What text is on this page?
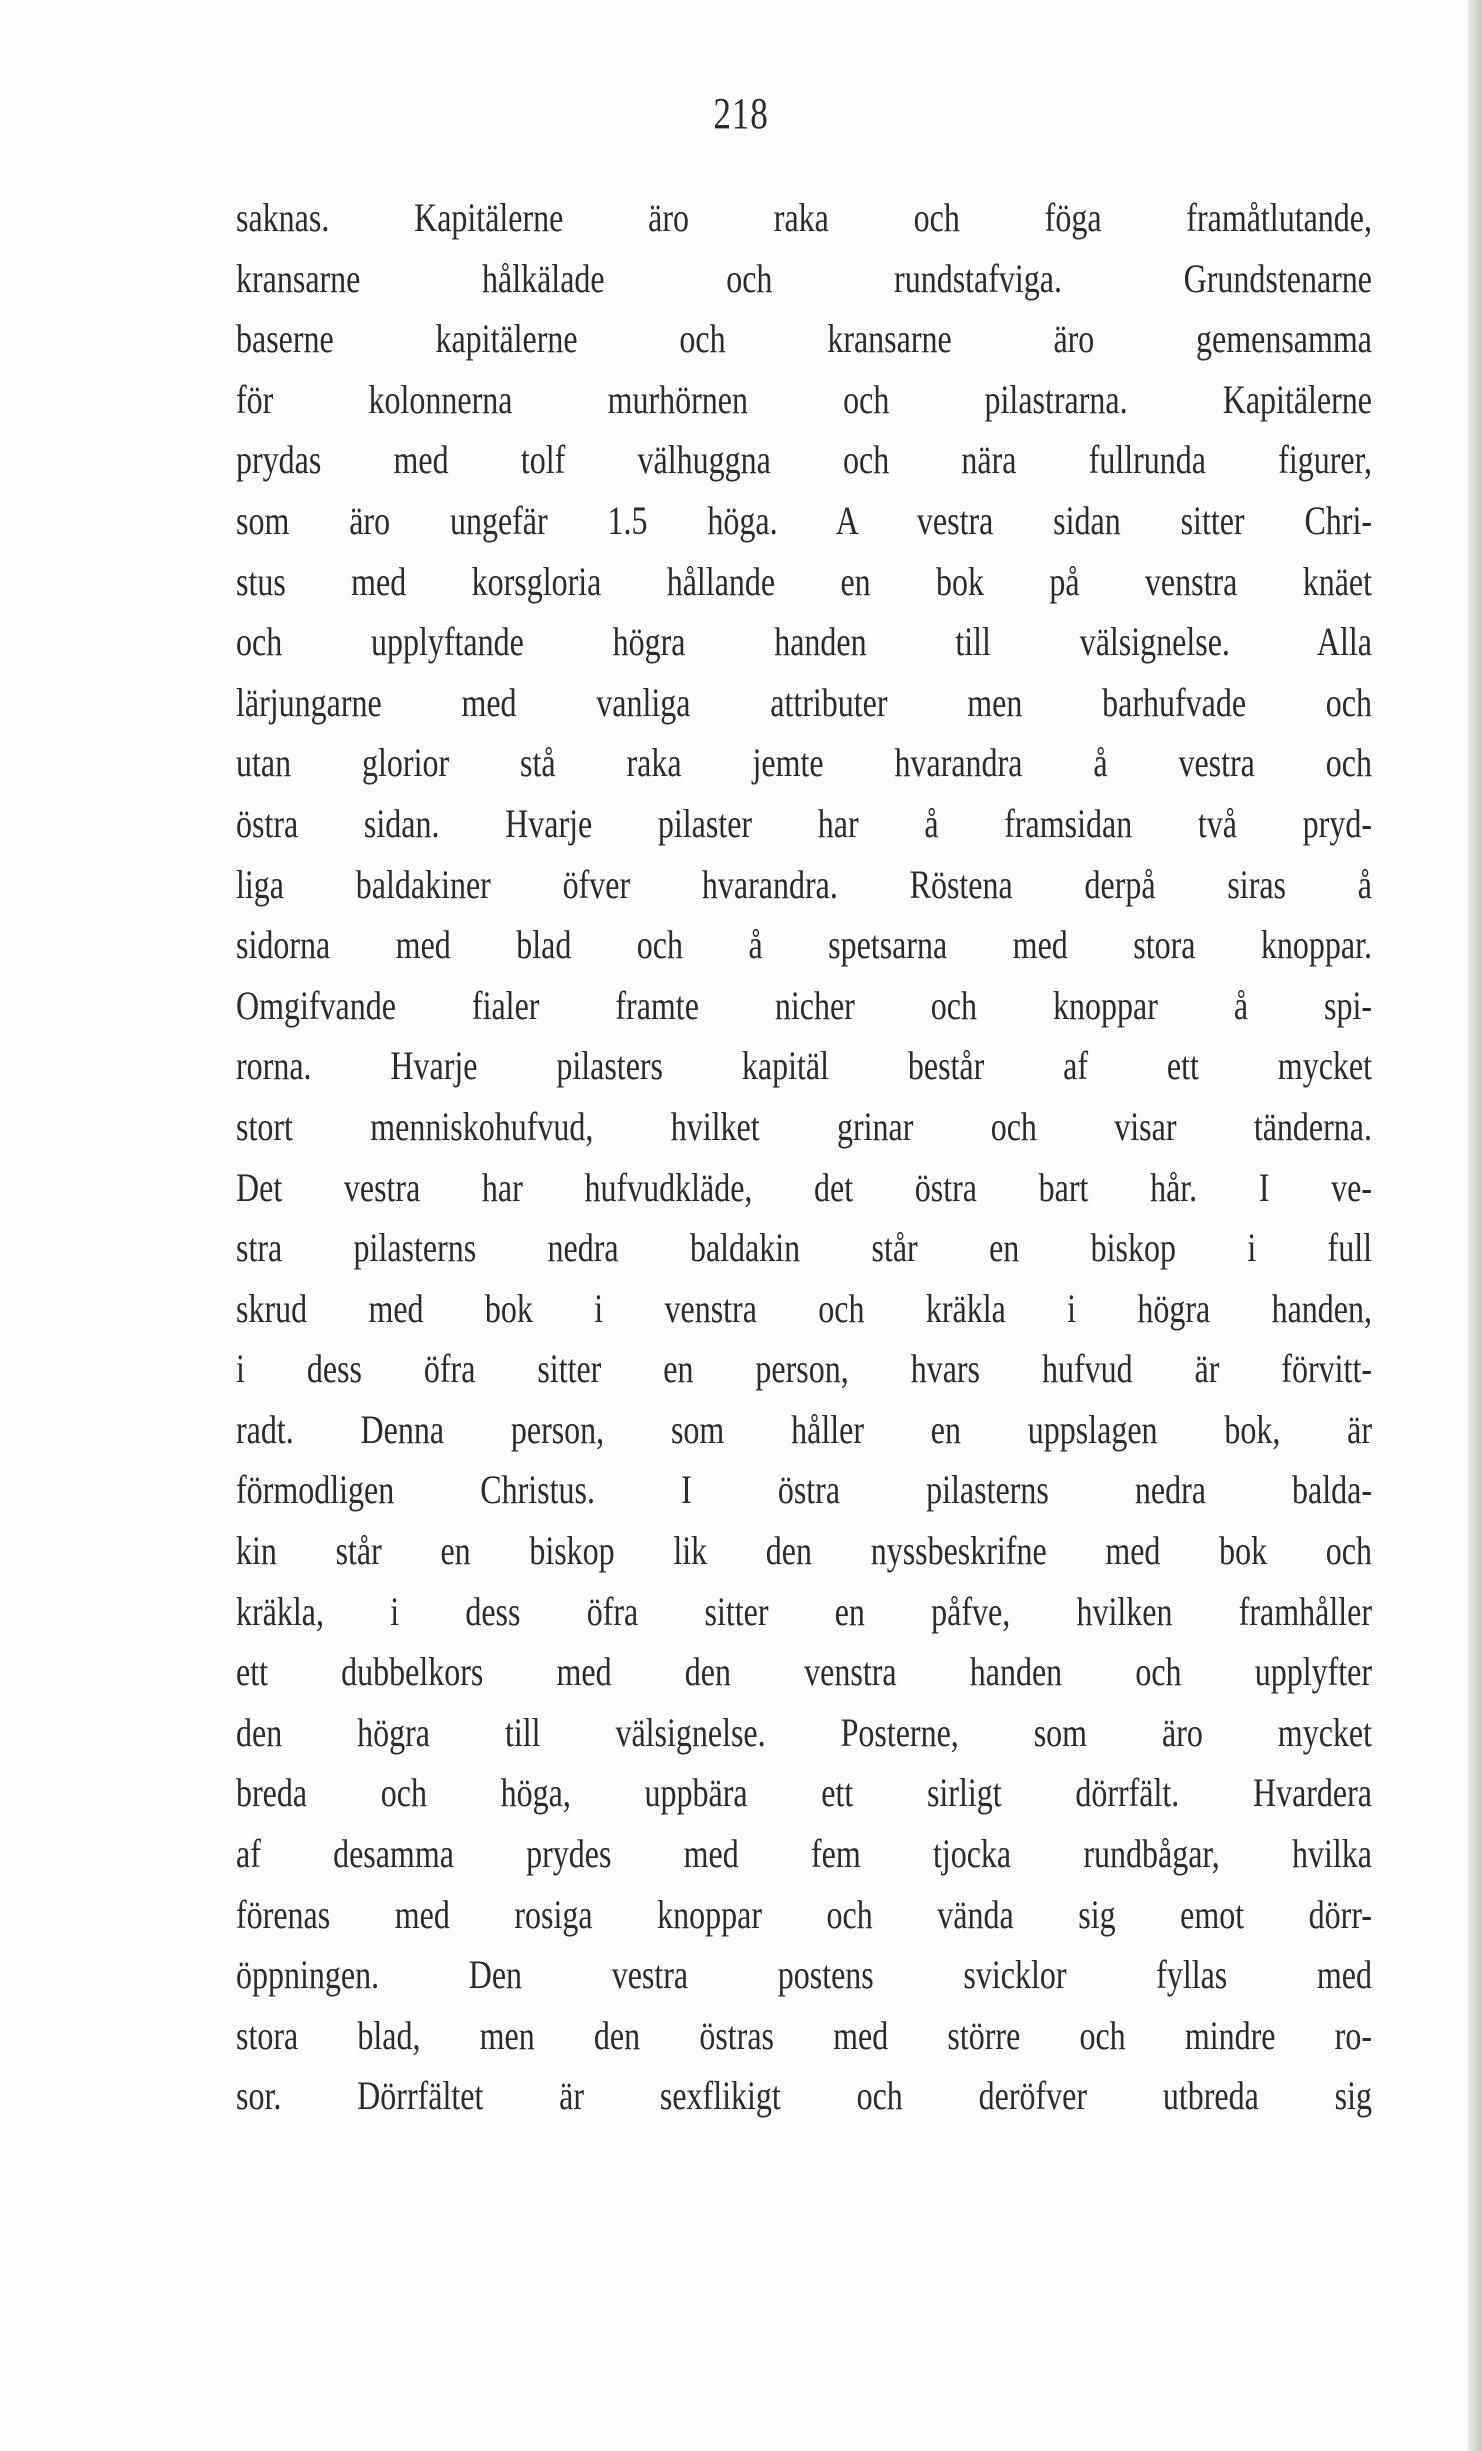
218
saknas. Kapitälerne äro raka och föga framåtlutande,
kransarne hålkälade och rundstafviga. Grundstenarne
baserne kapitälerne och kransarne äro gemensamma
för kolonnerna murhörnen och pilastrarna. Kapitälerne
prydas med tolf välhuggna och nära fullrunda figurer,
som äro ungefär 1.5 höga. A vestra sidan sitter Chri-
stus med korsgloria hållande en bok på venstra knäet
och upplyftande högra handen till välsignelse. Alla
lärjungarne med vanliga attributer men barhufvade och
utan glorior stå raka jemte hvarandra å vestra och
östra sidan. Hvarje pilaster har å framsidan två pryd-
liga baldakiner öfver hvarandra. Röstena derpå siras å
sidorna med blad och å spetsarna med stora knoppar.
Omgifvande fialer framte nicher och knoppar å spi-
rorna. Hvarje pilasters kapitäl består af ett mycket
stort menniskohufvud, hvilket grinar och visar tänderna.
Det vestra har hufvudkläde, det östra bart hår. I ve-
stra pilasterns nedra baldakin står en biskop i full
skrud med bok i venstra och kräkla i högra handen,
i dess öfra sitter en person, hvars hufvud är förvitt-
radt. Denna person, som håller en uppslagen bok, är
förmodligen Christus. I östra pilasterns nedra balda-
kin står en biskop lik den nyssbeskrifne med bok och
kräkla, i dess öfra sitter en påfve, hvilken framhåller
ett dubbelkors med den venstra handen och upplyfter
den högra till välsignelse. Posterne, som äro mycket
breda och höga, uppbära ett sirligt dörrfält. Hvardera
af desamma prydes med fem tjocka rundbågar, hvilka
förenas med rosiga knoppar och vända sig emot dörr-
öppningen. Den vestra postens svicklor fyllas med
stora blad, men den östras med större och mindre ro-
sor. Dörrfältet är sexflikigt och deröfver utbreda sig
